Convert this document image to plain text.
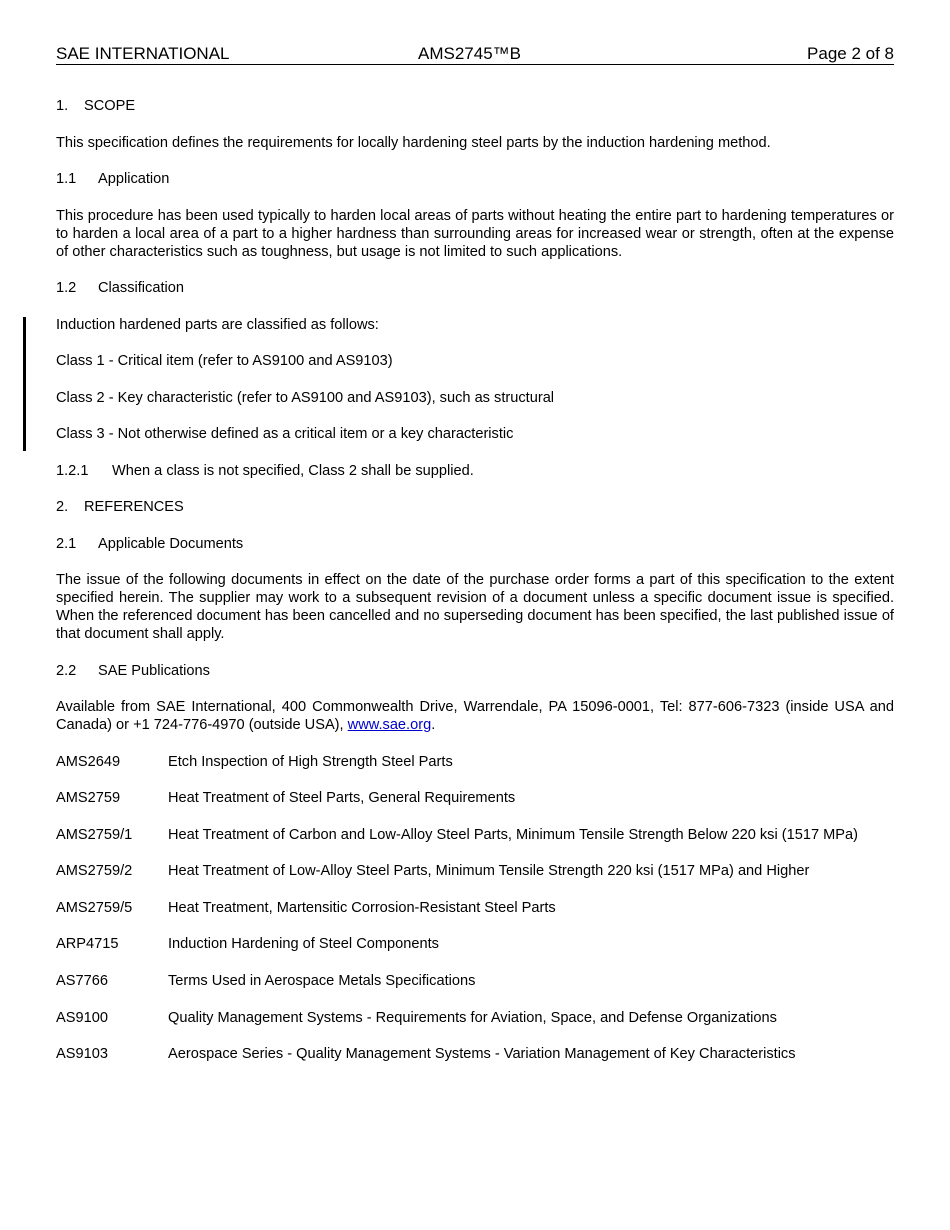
SAE INTERNATIONAL	AMS2745™B	Page 2 of 8
1. SCOPE
This specification defines the requirements for locally hardening steel parts by the induction hardening method.
1.1 Application
This procedure has been used typically to harden local areas of parts without heating the entire part to hardening temperatures or to harden a local area of a part to a higher hardness than surrounding areas for increased wear or strength, often at the expense of other characteristics such as toughness, but usage is not limited to such applications.
1.2 Classification
Induction hardened parts are classified as follows:
Class 1 - Critical item (refer to AS9100 and AS9103)
Class 2 - Key characteristic (refer to AS9100 and AS9103), such as structural
Class 3 - Not otherwise defined as a critical item or a key characteristic
1.2.1 When a class is not specified, Class 2 shall be supplied.
2. REFERENCES
2.1 Applicable Documents
The issue of the following documents in effect on the date of the purchase order forms a part of this specification to the extent specified herein. The supplier may work to a subsequent revision of a document unless a specific document issue is specified. When the referenced document has been cancelled and no superseding document has been specified, the last published issue of that document shall apply.
2.2 SAE Publications
Available from SAE International, 400 Commonwealth Drive, Warrendale, PA 15096-0001, Tel: 877-606-7323 (inside USA and Canada) or +1 724-776-4970 (outside USA), www.sae.org.
AMS2649	Etch Inspection of High Strength Steel Parts
AMS2759	Heat Treatment of Steel Parts, General Requirements
AMS2759/1	Heat Treatment of Carbon and Low-Alloy Steel Parts, Minimum Tensile Strength Below 220 ksi (1517 MPa)
AMS2759/2	Heat Treatment of Low-Alloy Steel Parts, Minimum Tensile Strength 220 ksi (1517 MPa) and Higher
AMS2759/5	Heat Treatment, Martensitic Corrosion-Resistant Steel Parts
ARP4715	Induction Hardening of Steel Components
AS7766	Terms Used in Aerospace Metals Specifications
AS9100	Quality Management Systems - Requirements for Aviation, Space, and Defense Organizations
AS9103	Aerospace Series - Quality Management Systems - Variation Management of Key Characteristics
